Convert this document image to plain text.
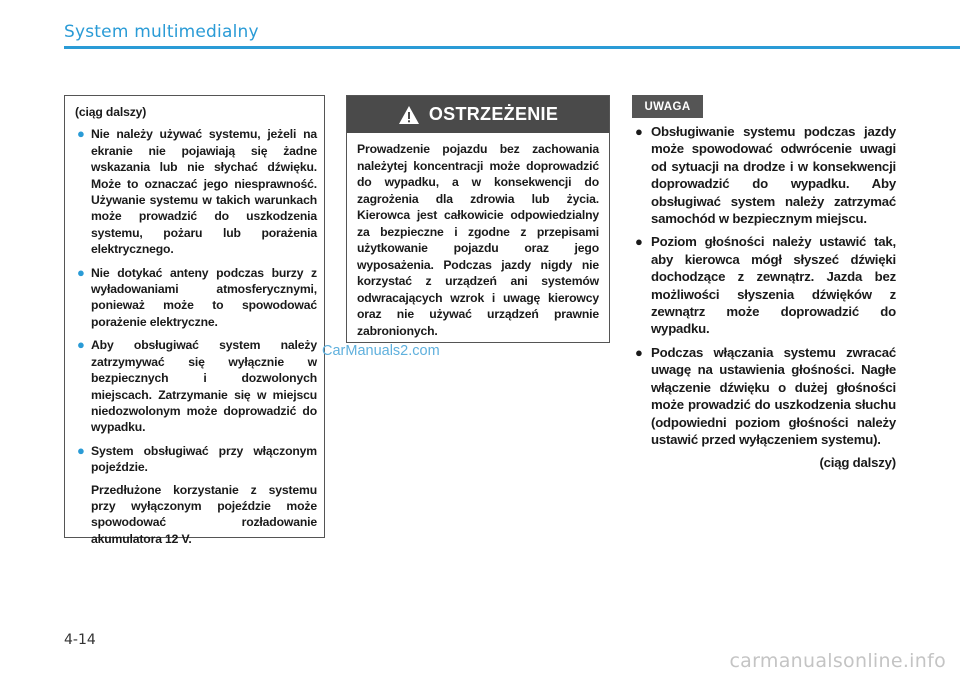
System multimedialny
(ciąg dalszy)
● Nie należy używać systemu, jeżeli na ekranie nie pojawiają się żadne wskazania lub nie słychać dźwięku. Może to oznaczać jego niesprawność. Używanie systemu w takich warunkach może prowadzić do uszkodzenia systemu, pożaru lub porażenia elektrycznego.
● Nie dotykać anteny podczas burzy z wyładowaniami atmosferycznymi, ponieważ może to spowodować porażenie elektryczne.
● Aby obsługiwać system należy zatrzymywać się wyłącznie w bezpiecznych i dozwolonych miejscach. Zatrzymanie się w miejscu niedozwolonym może doprowadzić do wypadku.
● System obsługiwać przy włączonym pojeździe.

Przedłużone korzystanie z systemu przy wyłączonym pojeździe może spowodować rozładowanie akumulatora 12 V.

OSTRZEŻENIE
Prowadzenie pojazdu bez zachowania należytej koncentracji może doprowadzić do wypadku, a w konsekwencji do zagrożenia dla zdrowia lub życia. Kierowca jest całkowicie odpowiedzialny za bezpieczne i zgodne z przepisami użytkowanie pojazdu oraz jego wyposażenia. Podczas jazdy nigdy nie korzystać z urządzeń ani systemów odwracających wzrok i uwagę kierowcy oraz nie używać urządzeń prawnie zabronionych.
UWAGA
● Obsługiwanie systemu podczas jazdy może spowodować odwrócenie uwagi od sytuacji na drodze i w konsekwencji doprowadzić do wypadku. Aby obsługiwać system należy zatrzymać samochód w bezpiecznym miejscu.
● Poziom głośności należy ustawić tak, aby kierowca mógł słyszeć dźwięki dochodzące z zewnątrz. Jazda bez możliwości słyszenia dźwięków z zewnątrz może doprowadzić do wypadku.
● Podczas włączania systemu zwracać uwagę na ustawienia głośności. Nagłe włączenie dźwięku o dużej głośności może prowadzić do uszkodzenia słuchu (odpowiedni poziom głośności należy ustawić przed wyłączeniem systemu).
(ciąg dalszy)
CarManuals2.com
4-14
carmanualsonline.info
